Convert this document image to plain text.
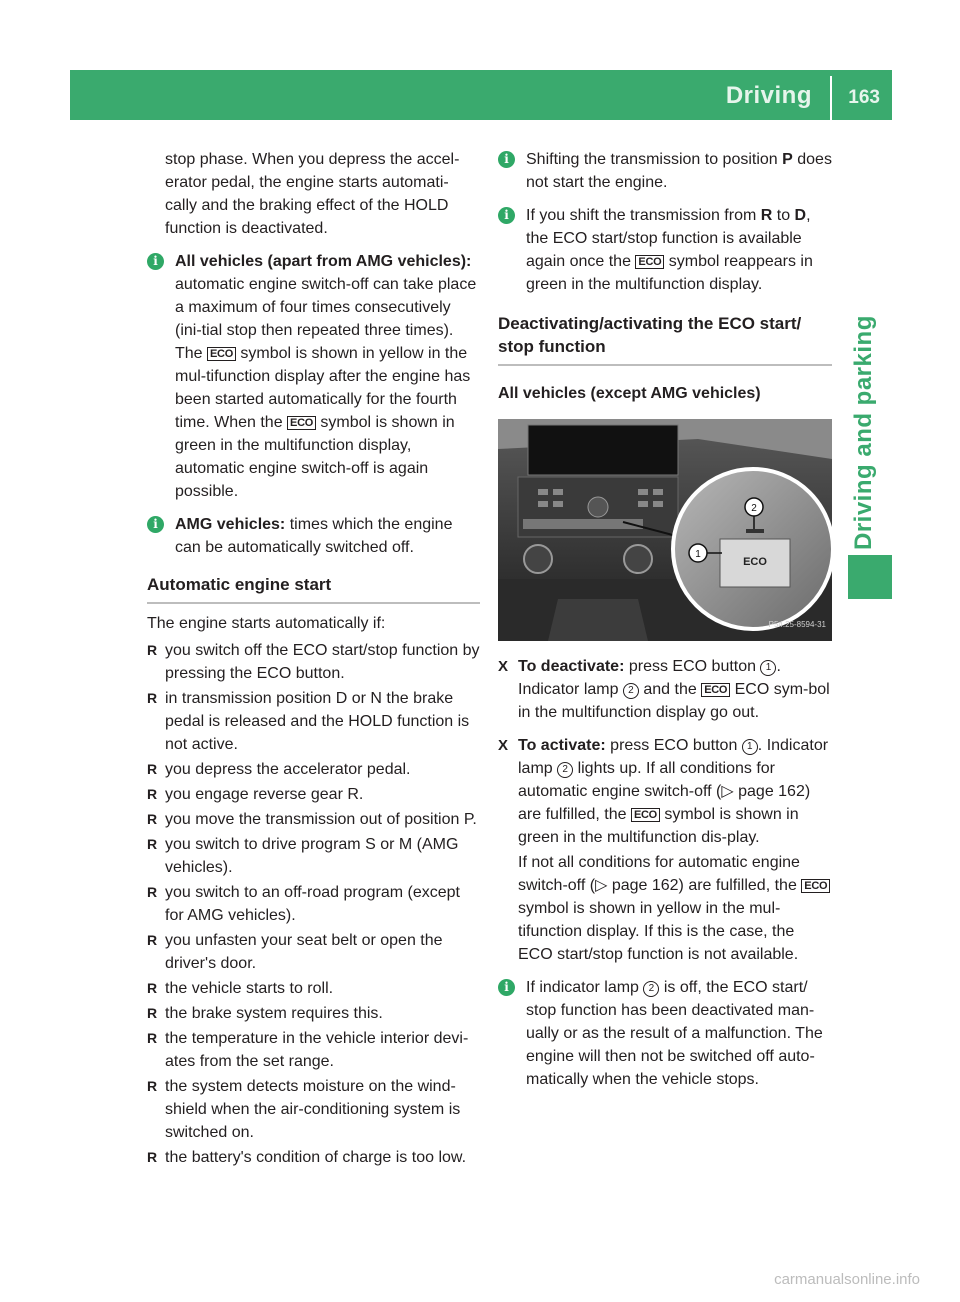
Driving 163
Driving and parking

stop phase. When you depress the accel-erator pedal, the engine starts automati-cally and the braking effect of the HOLD function is deactivated.

i	All vehicles (apart from AMG vehicles): automatic engine switch-off can take place a maximum of four times consecutively (ini-tial stop then repeated three times). The ECO symbol is shown in yellow in the mul-tifunction display after the engine has been started automatically for the fourth time. When the ECO symbol is shown in green in the multifunction display, automatic engine switch-off is again possible.
i	AMG vehicles: times which the engine can be automatically switched off.
Automatic engine start

The engine starts automatically if:

R you switch off the ECO start/stop function by pressing the ECO button.
R in transmission position D or N the brake pedal is released and the HOLD function is not active.
R you depress the accelerator pedal.
R you engage reverse gear R.
R you move the transmission out of position P.
R you switch to drive program S or M (AMG vehicles).
R you switch to an off-road program (except for AMG vehicles).
R you unfasten your seat belt or open the driver's door.
R the vehicle starts to roll.
R the brake system requires this.
R the temperature in the vehicle interior devi-ates from the set range.
R the system detects moisture on the wind-shield when the air-conditioning system is switched on.
R the battery's condition of charge is too low.
i	Shifting the transmission to position P does not start the engine.
i	If you shift the transmission from R to D, the ECO start/stop function is available again once the ECO symbol reappears in green in the multifunction display.
Deactivating/activating the ECO start/ stop function
All vehicles (except AMG vehicles)
ECO
2
1
P54.25-8594-31
X To deactivate: press ECO button 1 . Indicator lamp 2 and the ECO ECO sym-bol in the multifunction display go out.
X To activate: press ECO button 1 . Indicator lamp 2 lights up. If all conditions for automatic engine switch-off (▷ page 162) are fulfilled, the ECO symbol is shown in green in the multifunction dis-play.

If not all conditions for automatic engine switch-off (▷ page 162) are fulfilled, the ECO symbol is shown in yellow in the mul-tifunction display. If this is the case, the ECO start/stop function is not available.

i	If indicator lamp 2 is off, the ECO start/ stop function has been deactivated man-ually or as the result of a malfunction. The engine will then not be switched off auto-matically when the vehicle stops.
carmanualsonline.info
